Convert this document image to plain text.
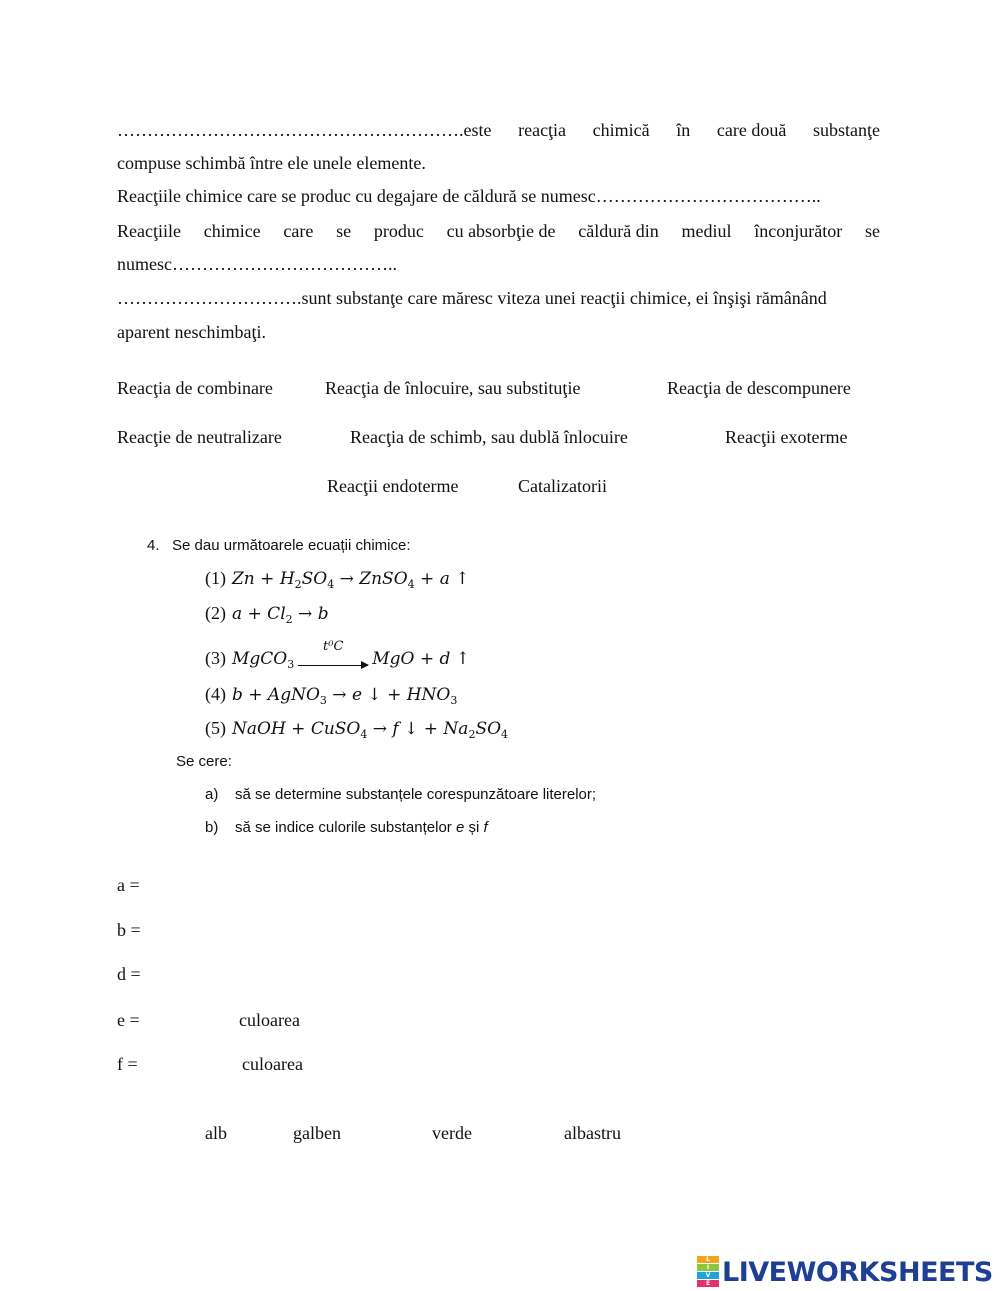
………………………………………………….este reacţia chimică în care două substanţe
compuse schimbă între ele unele elemente.
Reacţiile chimice care se produc cu degajare de căldură se numesc………………………………..
Reacţiile chimice care se produc cu absorbţie de căldură din mediul înconjurător se
numesc………………………………..
………………………….sunt substanţe care măresc viteza unei reacţii chimice, ei înşişi rămânând
aparent neschimbaţi.
Reacţia de combinare	Reacţia de înlocuire, sau substituţie	Reacţia de descompunere
Reacţie de neutralizare	Reacţia de schimb, sau dublă înlocuire	Reacţii exoterme
Reacţii endoterme	Catalizatorii
4. Se dau următoarele ecuații chimice:
(1) $Zn + H_2SO_4$ → ZnSO$_4$ + a ↑
(2) $a + Cl_2 \to b$
(3) MgCO$_3$
t⁰C
MgO + d ↑
(4) b + AgNO$_3$ → e ↓ + $HNO_3$
(5) NaOH + CuSO$_4$ → f ↓ + $Na_2SO_4$
Se cere:
a) să se determine substanțele corespunzătoare literelor;
b) să se indice culorile substanțelor e și f
a =
b =
d =
e =	culoarea
f =	culoarea
alb	galben	verde	albastru
L
I
V
E LIVEWORKSHEETS
